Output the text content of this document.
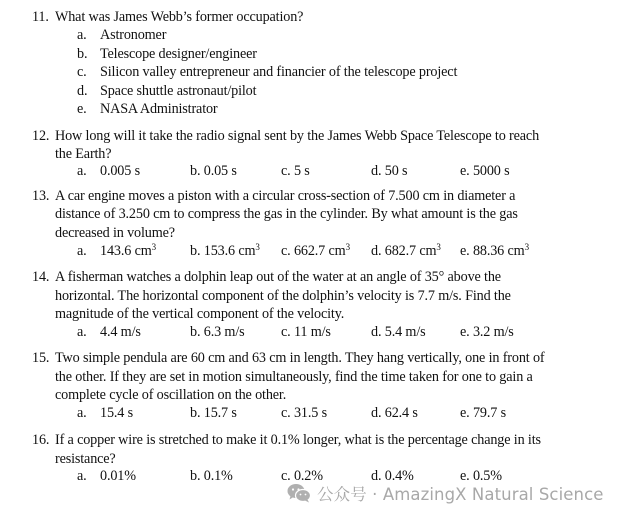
11. What was James Webb’s former occupation?
a. Astronomer
b. Telescope designer/engineer
c. Silicon valley entrepreneur and financier of the telescope project
d. Space shuttle astronaut/pilot
e. NASA Administrator
12. How long will it take the radio signal sent by the James Webb Space Telescope to reach
the Earth?
a. 0.005 s	b. 0.05 s	c. 5 s	d. 50 s	e. 5000 s
13. A car engine moves a piston with a circular cross-section of 7.500 cm in diameter a
distance of 3.250 cm to compress the gas in the cylinder. By what amount is the gas
decreased in volume?
a. 143.6 $cm^3$ b. 153.6 $cm^3$ c. 662.7 $cm^3$ d. 682.7 $cm^3$ e. 88.36 $cm^3$
14. A fisherman watches a dolphin leap out of the water at an angle of 35° above the
horizontal. The horizontal component of the dolphin’s velocity is 7.7 m/s. Find the
magnitude of the vertical component of the velocity.
a. 4.4 m/s	b. 6.3 m/s	c. 11 m/s	d. 5.4 m/s e. 3.2 m/s
15. Two simple pendula are 60 cm and 63 cm in length. They hang vertically, one in front of
the other. If they are set in motion simultaneously, find the time taken for one to gain a
complete cycle of oscillation on the other.
a. 15.4 s	b. 15.7 s	c. 31.5 s	d. 62.4 s	e. 79.7 s
16. If a copper wire is stretched to make it 0.1% longer, what is the percentage change in its
resistance?
a. 0.01%	b. 0.1%	c. 0.2%	d. 0.4%	e. 0.5%
公众号 · AmazingX Natural Science
